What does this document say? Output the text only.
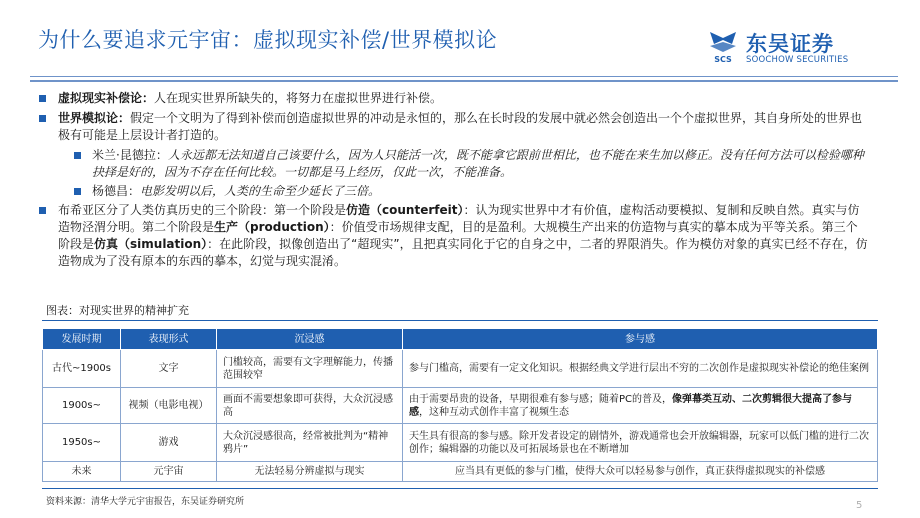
为什么要追求元宇宙：虚拟现实补偿/世界模拟论
SCS
东吴证券
SOOCHOW SECURITIES
虚拟现实补偿论：人在现实世界所缺失的，将努力在虚拟世界进行补偿。
世界模拟论：假定一个文明为了得到补偿而创造虚拟世界的冲动是永恒的，那么在长时段的发展中就必然会创造出一个个虚拟世界，其自身所处的世界也极有可能是上层设计者打造的。
米兰·昆德拉：人永远都无法知道自己该要什么，因为人只能活一次，既不能拿它跟前世相比，也不能在来生加以修正。没有任何方法可以检验哪种抉择是好的，因为不存在任何比较。一切都是马上经历，仅此一次，不能准备。
杨德昌：电影发明以后，人类的生命至少延长了三倍。
布希亚区分了人类仿真历史的三个阶段：第一个阶段是仿造（counterfeit）：认为现实世界中才有价值，虚构活动要模拟、复制和反映自然。真实与仿造物泾渭分明。第二个阶段是生产（production）：价值受市场规律支配，目的是盈利。大规模生产出来的仿造物与真实的摹本成为平等关系。第三个阶段是仿真（simulation）：在此阶段，拟像创造出了“超现实”，且把真实同化于它的自身之中，二者的界限消失。作为模仿对象的真实已经不存在，仿造物成为了没有原本的东西的摹本，幻觉与现实混淆。
图表：对现实世界的精神扩充
发展时期	表现形式	沉浸感	参与感
古代~1900s	文字	门槛较高，需要有文字理解能力，传播范围较窄	参与门槛高，需要有一定文化知识。根据经典文学进行层出不穷的二次创作是虚拟现实补偿论的绝佳案例
1900s~	视频（电影电视）	画面不需要想象即可获得，大众沉浸感高	由于需要昂贵的设备，早期很难有参与感；随着PC的普及，像弹幕类互动、二次剪辑很大提高了参与感，这种互动式创作丰富了视频生态
1950s~	游戏	大众沉浸感很高，经常被批判为“精神鸦片”	天生具有很高的参与感。除开发者设定的剧情外，游戏通常也会开放编辑器，玩家可以低门槛的进行二次创作；编辑器的功能以及可拓展场景也在不断增加
未来	元宇宙	无法轻易分辨虚拟与现实	应当具有更低的参与门槛，使得大众可以轻易参与创作，真正获得虚拟现实的补偿感
资料来源：清华大学元宇宙报告，东吴证券研究所	5
